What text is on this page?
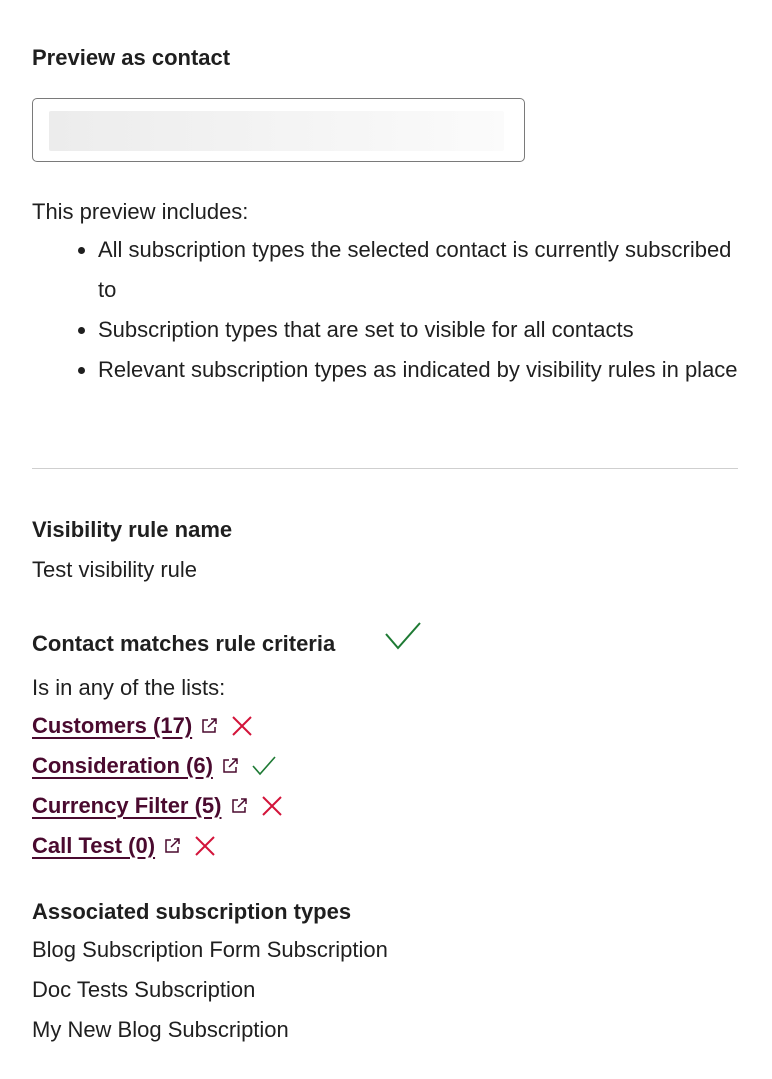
Preview as contact
This preview includes:
• All subscription types the selected contact is currently subscribed to
• Subscription types that are set to visible for all contacts
• Relevant subscription types as indicated by visibility rules in place
Visibility rule name
Test visibility rule
Contact matches rule criteria
Is in any of the lists:
Customers (17)
Consideration (6)
Currency Filter (5)
Call Test (0)
Associated subscription types
Blog Subscription Form Subscription
Doc Tests Subscription
My New Blog Subscription
